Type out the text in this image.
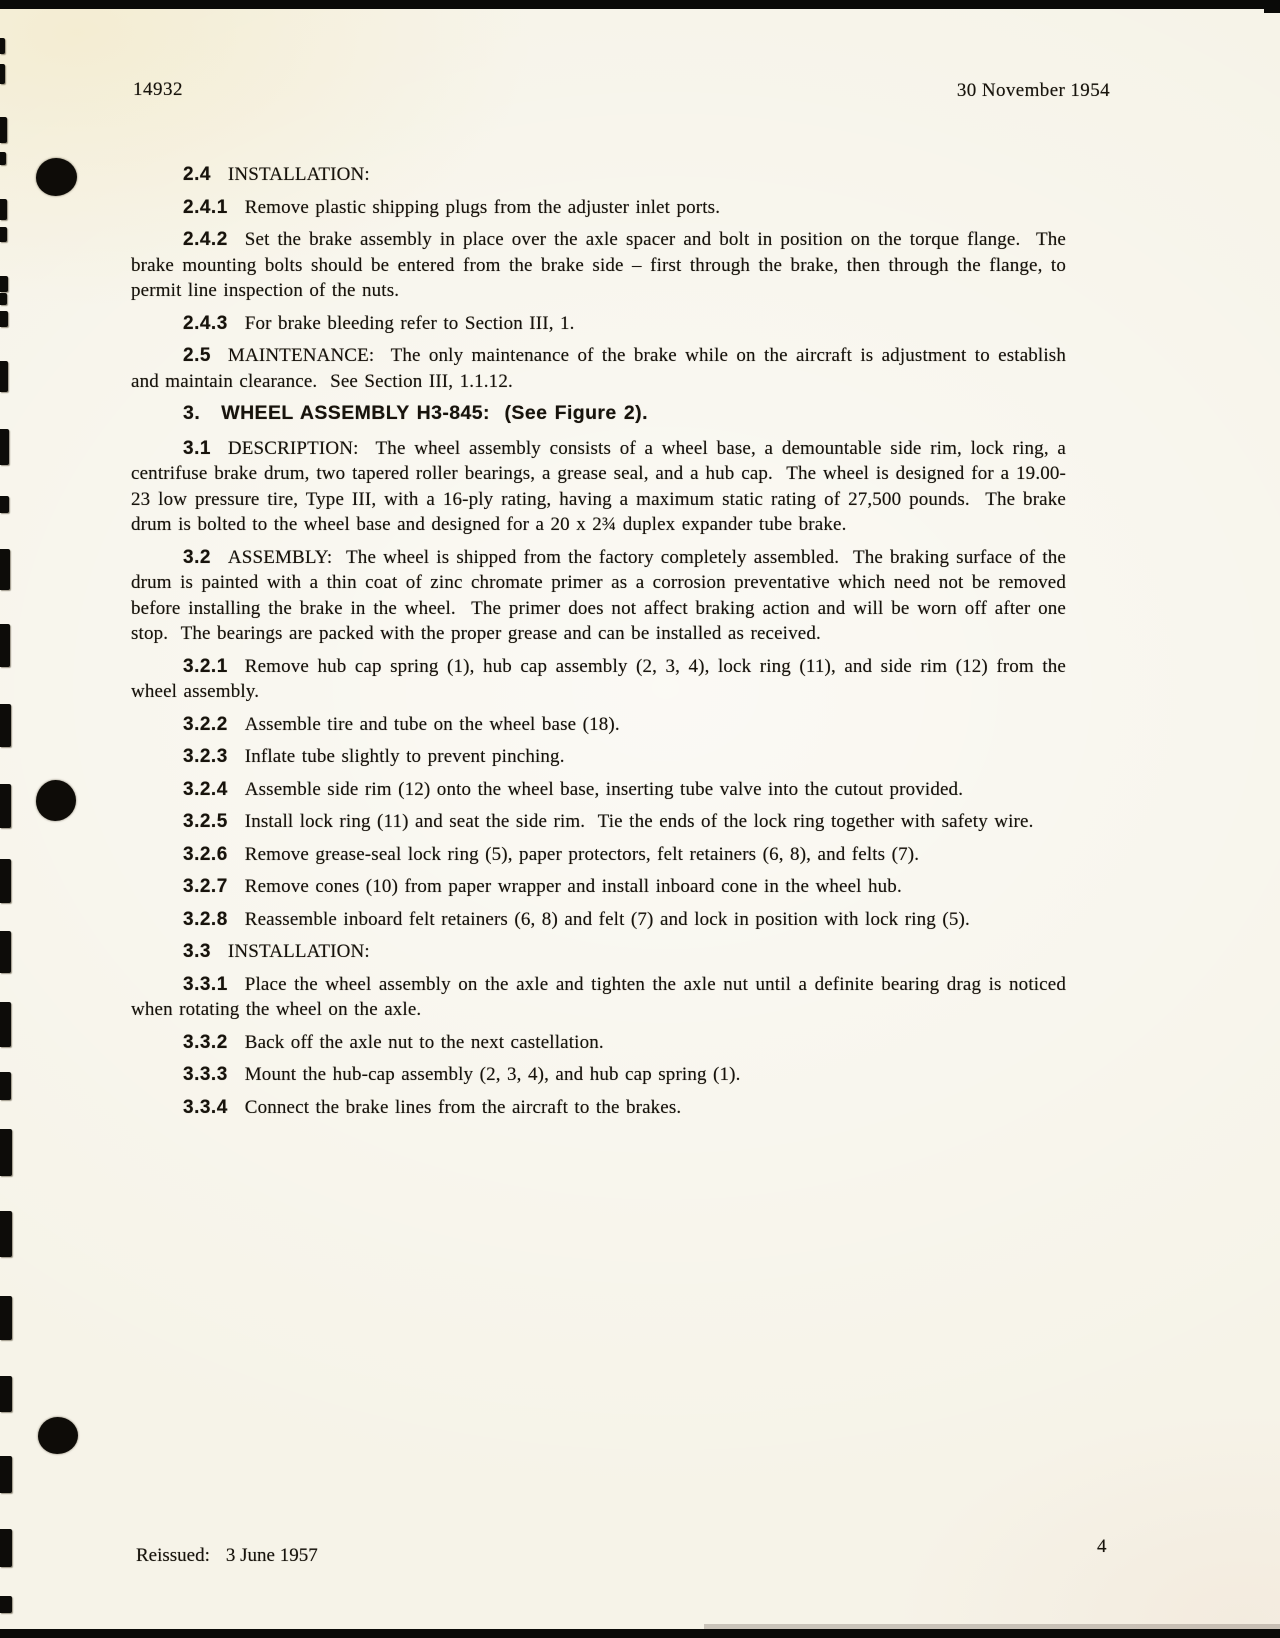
14932	30 November 1954

2.4 INSTALLATION:

2.4.1 Remove plastic shipping plugs from the adjuster inlet ports.

2.4.2 Set the brake assembly in place over the axle spacer and bolt in position on the torque flange.  The brake mounting bolts should be entered from the brake side – first through the brake, then through the flange, to permit line inspection of the nuts.

2.4.3 For brake bleeding refer to Section III, 1.

2.5 MAINTENANCE:  The only maintenance of the brake while on the aircraft is adjustment to establish and maintain clearance.  See Section III, 1.1.12.

3. WHEEL ASSEMBLY H3-845:  (See Figure 2).

3.1 DESCRIPTION:  The wheel assembly consists of a wheel base, a demountable side rim, lock ring, a centrifuse brake drum, two tapered roller bearings, a grease seal, and a hub cap.  The wheel is designed for a 19.00-23 low pressure tire, Type III, with a 16-ply rating, having a maximum static rating of 27,500 pounds.  The brake drum is bolted to the wheel base and designed for a 20 x 2¾ duplex expander tube brake.

3.2 ASSEMBLY:  The wheel is shipped from the factory completely assembled.  The braking surface of the drum is painted with a thin coat of zinc chromate primer as a corrosion preventative which need not be removed before installing the brake in the wheel.  The primer does not affect braking action and will be worn off after one stop.  The bearings are packed with the proper grease and can be installed as received.

3.2.1 Remove hub cap spring (1), hub cap assembly (2, 3, 4), lock ring (11), and side rim (12) from the wheel assembly.

3.2.2 Assemble tire and tube on the wheel base (18).

3.2.3 Inflate tube slightly to prevent pinching.

3.2.4 Assemble side rim (12) onto the wheel base, inserting tube valve into the cutout provided.

3.2.5 Install lock ring (11) and seat the side rim.  Tie the ends of the lock ring together with safety wire.

3.2.6 Remove grease-seal lock ring (5), paper protectors, felt retainers (6, 8), and felts (7).

3.2.7 Remove cones (10) from paper wrapper and install inboard cone in the wheel hub.

3.2.8 Reassemble inboard felt retainers (6, 8) and felt (7) and lock in position with lock ring (5).

3.3 INSTALLATION:

3.3.1 Place the wheel assembly on the axle and tighten the axle nut until a definite bearing drag is noticed when rotating the wheel on the axle.

3.3.2 Back off the axle nut to the next castellation.

3.3.3 Mount the hub-cap assembly (2, 3, 4), and hub cap spring (1).

3.3.4 Connect the brake lines from the aircraft to the brakes.

Reissued: 3 June 1957	4
